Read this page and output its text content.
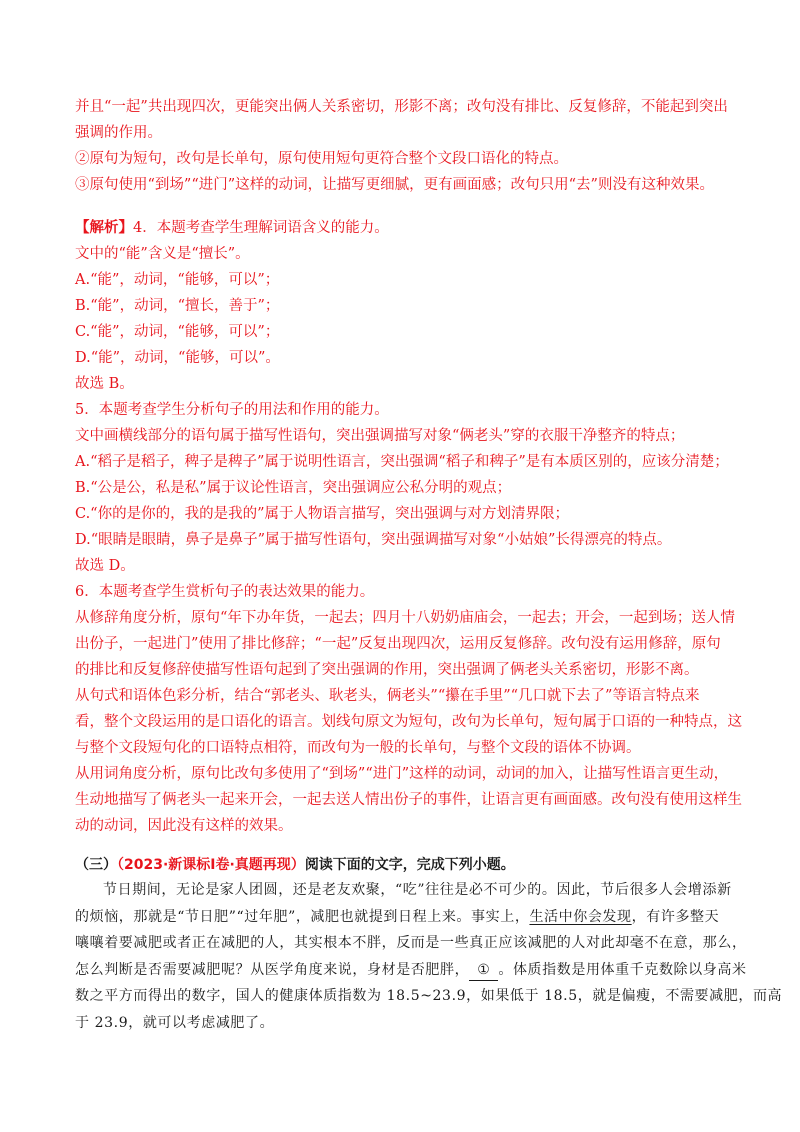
并且“一起”共出现四次，更能突出俩人关系密切，形影不离；改句没有排比、反复修辞，不能起到突出
强调的作用。
②原句为短句，改句是长单句，原句使用短句更符合整个文段口语化的特点。
③原句使用“到场”“进门”这样的动词，让描写更细腻，更有画面感；改句只用“去”则没有这种效果。
【解析】4．本题考查学生理解词语含义的能力。
文中的“能”含义是“擅长”。
A.“能”，动词，“能够，可以”；
B.“能”，动词，“擅长，善于”；
C.“能”，动词，“能够，可以”；
D.“能”，动词，“能够，可以”。
故选 B。
5．本题考查学生分析句子的用法和作用的能力。
文中画横线部分的语句属于描写性语句，突出强调描写对象“俩老头”穿的衣服干净整齐的特点；
A.“稻子是稻子，稗子是稗子”属于说明性语言，突出强调“稻子和稗子”是有本质区别的，应该分清楚；
B.“公是公，私是私”属于议论性语言，突出强调应公私分明的观点；
C.“你的是你的，我的是我的”属于人物语言描写，突出强调与对方划清界限；
D.“眼睛是眼睛，鼻子是鼻子”属于描写性语句，突出强调描写对象“小姑娘”长得漂亮的特点。
故选 D。
6．本题考查学生赏析句子的表达效果的能力。
从修辞角度分析，原句“年下办年货，一起去；四月十八奶奶庙庙会，一起去；开会，一起到场；送人情
出份子，一起进门”使用了排比修辞；“一起”反复出现四次，运用反复修辞。改句没有运用修辞，原句
的排比和反复修辞使描写性语句起到了突出强调的作用，突出强调了俩老头关系密切，形影不离。
从句式和语体色彩分析，结合“郭老头、耿老头，俩老头”“攥在手里”“几口就下去了”等语言特点来
看，整个文段运用的是口语化的语言。划线句原文为短句，改句为长单句，短句属于口语的一种特点，这
与整个文段短句化的口语特点相符，而改句为一般的长单句，与整个文段的语体不协调。
从用词角度分析，原句比改句多使用了“到场”“进门”这样的动词，动词的加入，让描写性语言更生动，
生动地描写了俩老头一起来开会，一起去送人情出份子的事件，让语言更有画面感。改句没有使用这样生
动的动词，因此没有这样的效果。
（三）（2023·新课标Ⅰ卷·真题再现）阅读下面的文字，完成下列小题。
节日期间，无论是家人团圆，还是老友欢聚，“吃”往往是必不可少的。因此，节后很多人会增添新
的烦恼，那就是“节日肥”“过年肥”，减肥也就提到日程上来。事实上，生活中你会发现，有许多整天
嚷嚷着要减肥或者正在减肥的人，其实根本不胖，反而是一些真正应该减肥的人对此却毫不在意，那么，
怎么判断是否需要减肥呢？从医学角度来说，身材是否肥胖， ① 。体质指数是用体重千克数除以身高米
数之平方而得出的数字，国人的健康体质指数为 18.5~23.9，如果低于 18.5，就是偏瘦，不需要减肥，而高
于 23.9，就可以考虑减肥了。
